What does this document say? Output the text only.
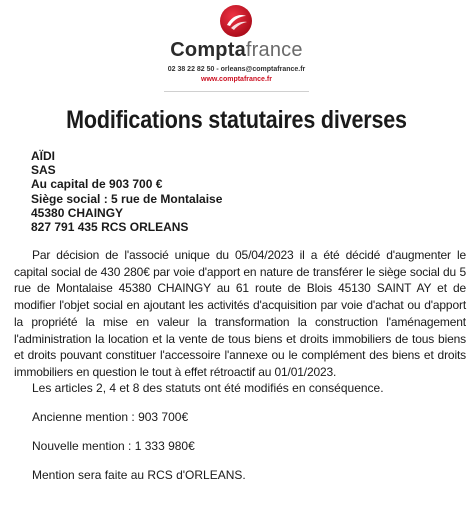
Comptafrance
02 38 22 82 50 - orleans@comptafrance.fr
www.comptafrance.fr
Modifications statutaires diverses
AÏDI
SAS
Au capital de 903 700 €
Siège social : 5 rue de Montalaise
45380 CHAINGY
827 791 435 RCS ORLEANS
Par décision de l'associé unique du 05/04/2023 il a été décidé d'augmenter le capital social de 430 280€ par voie d'apport en nature de transférer le siège social du 5 rue de Montalaise 45380 CHAINGY au 61 route de Blois 45130 SAINT AY et de modifier l'objet social en ajoutant les activités d'acquisition par voie d'achat ou d'apport la propriété la mise en valeur la transformation la construction l'aménagement l'administration la location et la vente de tous biens et droits immobiliers de tous biens et droits pouvant constituer l'accessoire l'annexe ou le complément des biens et droits immobiliers en question le tout à effet rétroactif au 01/01/2023.
Les articles 2, 4 et 8 des statuts ont été modifiés en conséquence.
Ancienne mention : 903 700€
Nouvelle mention : 1 333 980€
Mention sera faite au RCS d'ORLEANS.
